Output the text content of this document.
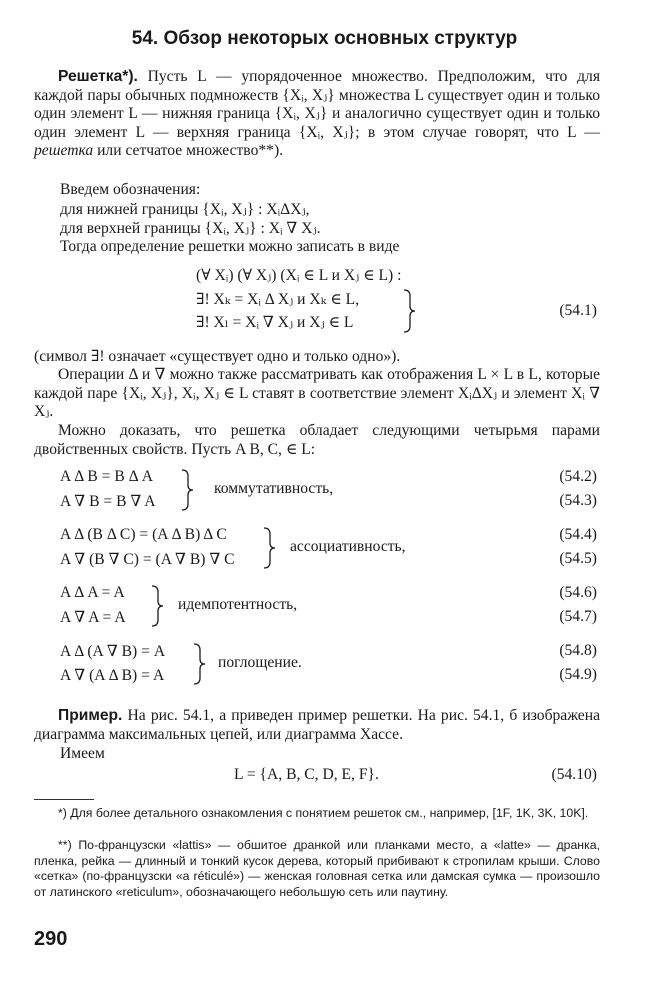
54. Обзор некоторых основных структур
Решетка*). Пусть L — упорядоченное множество. Предположим, что для каждой пары обычных подмножеств {Xᵢ, Xⱼ} множества L существует один и только один элемент L — нижняя граница {Xᵢ, Xⱼ} и аналогично существует один и только один элемент L — верхняя граница {Xᵢ, Xⱼ}; в этом случае говорят, что L — решетка или сетчатое множество**).
Введем обозначения:
для нижней границы {Xᵢ, Xⱼ} : XᵢΔXⱼ,
для верхней границы {Xᵢ, Xⱼ} : Xᵢ ∇ Xⱼ.
Тогда определение решетки можно записать в виде
(∀ Xᵢ) (∀ Xⱼ) (Xᵢ ∈ L и Xⱼ ∈ L) :
∃! Xₖ = Xᵢ Δ Xⱼ и Xₖ ∈ L,
∃! Xₗ = Xᵢ ∇ Xⱼ и Xⱼ ∈ L
(54.1)
(символ ∃! означает «существует одно и только одно»).
Операции Δ и ∇ можно также рассматривать как отображения L × L в L, которые каждой паре {Xᵢ, Xⱼ}, Xᵢ, Xⱼ ∈ L ставят в соответствие элемент XᵢΔXⱼ и элемент Xᵢ ∇ Xⱼ.
Можно доказать, что решетка обладает следующими четырьмя парами двойственных свойств. Пусть A B, C, ∈ L:
A Δ B = B Δ A
A ∇ B = B ∇ A
коммутативность,
(54.2)
(54.3)
A Δ (B Δ C) = (A Δ B) Δ C
A ∇ (B ∇ C) = (A ∇ B) ∇ C
ассоциативность,
(54.4)
(54.5)
A Δ A = A
A ∇ A = A
идемпотентность,
(54.6)
(54.7)
A Δ (A ∇ B) = A
A ∇ (A Δ B) = A
поглощение.
(54.8)
(54.9)
Пример. На рис. 54.1, а приведен пример решетки. На рис. 54.1, б изображена диаграмма максимальных цепей, или диаграмма Хассе.
Имеем
L = {A, B, C, D, E, F}.	(54.10)
*) Для более детального ознакомления с понятием решеток см., например, [1F, 1K, 3K, 10K].
**) По-французски «lattis» — обшитое дранкой или планками место, а «latte» — дранка, пленка, рейка — длинный и тонкий кусок дерева, который прибивают к стропилам крыши. Слово «сетка» (по-французски «a réticulé») — женская головная сетка или дамская сумка — произошло от латинского «reticulum», обозначающего небольшую сеть или паутину.
290
